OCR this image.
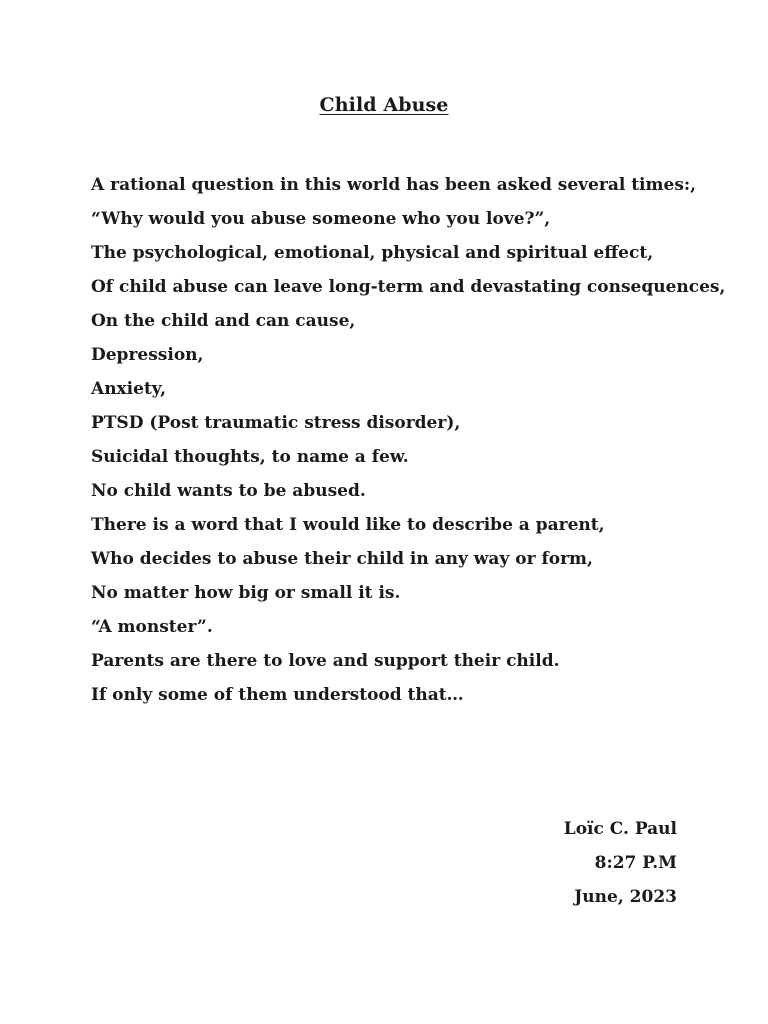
Child Abuse
A rational question in this world has been asked several times:,
“Why would you abuse someone who you love?”,
The psychological, emotional, physical and spiritual effect,
Of child abuse can leave long-term and devastating consequences,
On the child and can cause,
Depression,
Anxiety,
PTSD (Post traumatic stress disorder),
Suicidal thoughts, to name a few.
No child wants to be abused.
There is a word that I would like to describe a parent,
Who decides to abuse their child in any way or form,
No matter how big or small it is.
“A monster”.
Parents are there to love and support their child.
If only some of them understood that…
Loïc C. Paul
8:27 P.M
June, 2023
